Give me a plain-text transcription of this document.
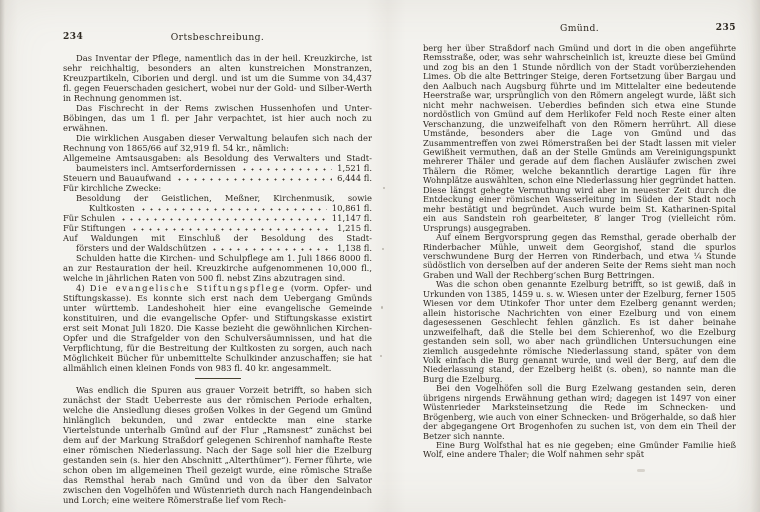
234	Ortsbeschreibung.

Das Inventar der Pflege, namentlich das in der heil. Kreuzkirche, ist sehr reichhaltig, besonders an alten kunstreichen Monstranzen, Kreuzpartikeln, Ciborien und dergl. und ist um die Summe von 34,437 fl. gegen Feuerschaden gesichert, wobei nur der Gold- und Silber-Werth in Rechnung genommen ist.

Das Fischrecht in der Rems zwischen Hussenhofen und Unter-Böbingen, das um 1 fl. per Jahr verpachtet, ist hier auch noch zu erwähnen.

Die wirklichen Ausgaben dieser Verwaltung belaufen sich nach der Rechnung von 1865/66 auf 32,919 fl. 54 kr., nämlich:

Allgemeine Amtsausgaben: als Besoldung des Verwalters und Stadt-
baumeisters incl. Amtserfordernissen	1,521 fl.
Steuern und Bauaufwand	6,444 fl.
Für kirchliche Zwecke:
Besoldung der Geistlichen, Meßner, Kirchenmusik, sowie
Kultkosten	10,861 fl.
Für Schulen	11,147 fl.
Für Stiftungen	1,215 fl.
Auf Waldungen mit Einschluß der Besoldung des Stadt-
försters und der Waldschützen	1,138 fl.

Schulden hatte die Kirchen- und Schulpflege am 1. Juli 1866 8000 fl. an zur Restauration der heil. Kreuzkirche aufgenommenen 10,000 fl., welche in jährlichen Raten von 500 fl. nebst Zins abzutragen sind.

4) Die evangelische Stiftungspflege (vorm. Opfer- und Stiftungskasse). Es konnte sich erst nach dem Uebergang Gmünds unter württemb. Landeshoheit hier eine evangelische Gemeinde konstituiren, und die evangelische Opfer- und Stiftungskasse existirt erst seit Monat Juli 1820. Die Kasse bezieht die gewöhnlichen Kirchen-Opfer und die Strafgelder von den Schulversäumnissen, und hat die Verpflichtung, für die Bestreitung der Kultkosten zu sorgen, auch nach Möglichkeit Bücher für unbemittelte Schulkinder anzuschaffen; sie hat allmählich einen kleinen Fonds von 983 fl. 40 kr. angesammelt.

Was endlich die Spuren aus grauer Vorzeit betrifft, so haben sich zunächst der Stadt Ueberreste aus der römischen Periode erhalten, welche die Ansiedlung dieses großen Volkes in der Gegend um Gmünd hinlänglich bekunden, und zwar entdeckte man eine starke Viertelstunde unterhalb Gmünd auf der Flur „Ramsnest“ zunächst bei dem auf der Markung Straßdorf gelegenen Schirenhof namhafte Reste einer römischen Niederlassung. Nach der Sage soll hier die Ezelburg gestanden sein (s. hier den Abschnitt „Alterthümer“). Ferner führte, wie schon oben im allgemeinen Theil gezeigt wurde, eine römische Straße das Remsthal herab nach Gmünd und von da über den Salvator zwischen den Vogelhöfen und Wüstenrieth durch nach Hangendeinbach und Lorch; eine weitere Römerstraße lief vom Rech-

Gmünd.	235

berg her über Straßdorf nach Gmünd und dort in die oben angeführte Remsstraße, oder, was sehr wahrscheinlich ist, kreuzte diese bei Gmünd und zog bis an den 1 Stunde nördlich von der Stadt vorüberziehenden Limes. Ob die alte Bettringer Steige, deren Fortsetzung über Bargau und den Aalbuch nach Augsburg führte und im Mittelalter eine bedeutende Heerstraße war, ursprünglich von den Römern angelegt wurde, läßt sich nicht mehr nachweisen. Ueberdies befinden sich etwa eine Stunde nordöstlich von Gmünd auf dem Herlikofer Feld noch Reste einer alten Verschanzung, die unzweifelhaft von den Römern herrührt. All diese Umstände, besonders aber die Lage von Gmünd und das Zusammentreffen von zwei Römerstraßen bei der Stadt lassen mit vieler Gewißheit vermuthen, daß an der Stelle Gmünds am Vereinigungspunkt mehrerer Thäler und gerade auf dem flachen Ausläufer zwischen zwei Thälern die Römer, welche bekanntlich derartige Lagen für ihre Wohnplätze auswählten, schon eine Niederlassung hier gegründet hatten. Diese längst gehegte Vermuthung wird aber in neuester Zeit durch die Entdeckung einer römischen Wasserleitung im Süden der Stadt noch mehr bestätigt und begründet. Auch wurde beim St. Katharinen-Spital ein aus Sandstein roh gearbeiteter, 8′ langer Trog (vielleicht röm. Ursprungs) ausgegraben.

Auf einem Bergvorsprung gegen das Remsthal, gerade oberhalb der Rinderbacher Mühle, unweit dem Georgishof, stand die spurlos verschwundene Burg der Herren von Rinderbach, und etwa ¼ Stunde südöstlich von derselben auf der anderen Seite der Rems sieht man noch Graben und Wall der Rechberg’schen Burg Bettringen.

Was die schon oben genannte Ezelburg betrifft, so ist gewiß, daß in Urkunden von 1385, 1459 u. s. w. Wiesen unter der Ezelburg, ferner 1505 Wiesen vor dem Utinkofer Thor unter dem Ezelberg genannt werden; allein historische Nachrichten von einer Ezelburg und von einem dagesessenen Geschlecht fehlen gänzlich. Es ist daher beinahe unzweifelhaft, daß die Stelle bei dem Schierenhof, wo die Ezelburg gestanden sein soll, wo aber nach gründlichen Untersuchungen eine ziemlich ausgedehnte römische Niederlassung stand, später von dem Volk einfach die Burg genannt wurde, und weil der Berg, auf dem die Niederlassung stand, der Ezelberg heißt (s. oben), so nannte man die Burg die Ezelburg.

Bei den Vogelhöfen soll die Burg Ezelwang gestanden sein, deren übrigens nirgends Erwähnung gethan wird; dagegen ist 1497 von einer Wüstenrieder Marksteinsetzung die Rede im Schnecken- und Brögenberg, wie auch von einer Schnecken- und Brögerhalde, so daß hier der abgegangene Ort Brogenhofen zu suchen ist, von dem ein Theil der Betzer sich nannte.

Eine Burg Wolfsthal hat es nie gegeben; eine Gmünder Familie hieß Wolf, eine andere Thaler; die Wolf nahmen sehr spät
